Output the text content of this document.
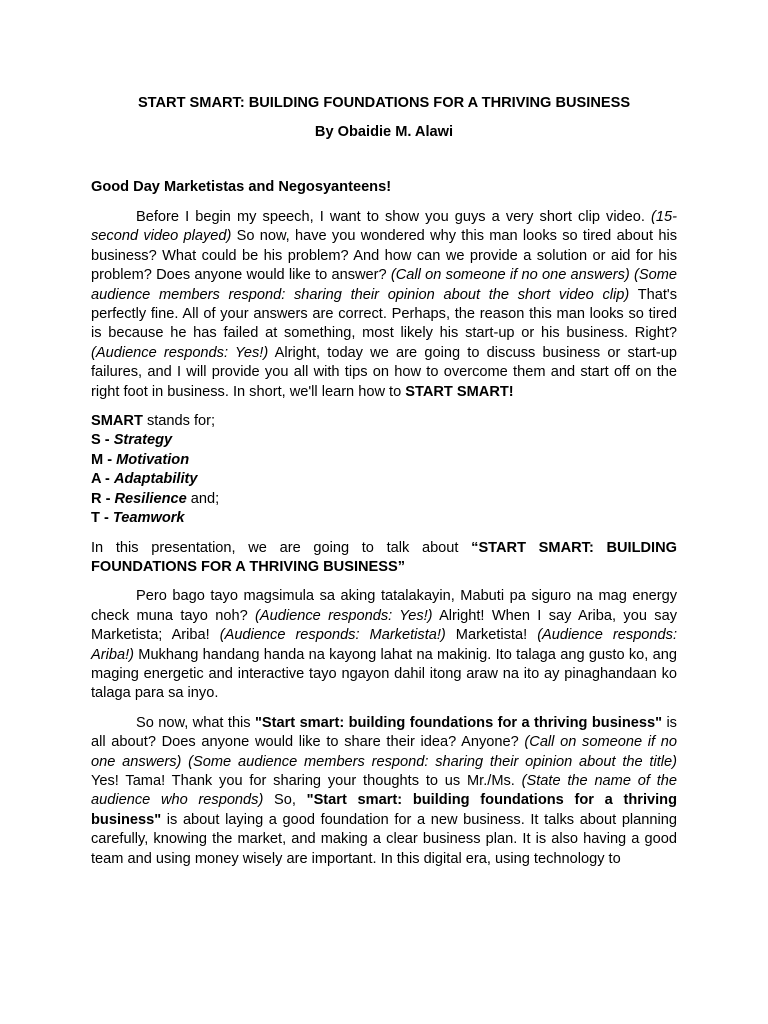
START SMART: BUILDING FOUNDATIONS FOR A THRIVING BUSINESS
By Obaidie M. Alawi
Good Day Marketistas and Negosyanteens!

Before I begin my speech, I want to show you guys a very short clip video. (15-second video played) So now, have you wondered why this man looks so tired about his business? What could be his problem? And how can we provide a solution or aid for his problem? Does anyone would like to answer? (Call on someone if no one answers) (Some audience members respond: sharing their opinion about the short video clip) That's perfectly fine. All of your answers are correct. Perhaps, the reason this man looks so tired is because he has failed at something, most likely his start-up or his business. Right? (Audience responds: Yes!) Alright, today we are going to discuss business or start-up failures, and I will provide you all with tips on how to overcome them and start off on the right foot in business. In short, we'll learn how to START SMART!

SMART stands for;

S - Strategy
M - Motivation
A - Adaptability
R - Resilience and;
T - Teamwork

In this presentation, we are going to talk about “START SMART: BUILDING FOUNDATIONS FOR A THRIVING BUSINESS”

Pero bago tayo magsimula sa aking tatalakayin, Mabuti pa siguro na mag energy check muna tayo noh? (Audience responds: Yes!) Alright! When I say Ariba, you say Marketista; Ariba! (Audience responds: Marketista!) Marketista! (Audience responds: Ariba!) Mukhang handang handa na kayong lahat na makinig. Ito talaga ang gusto ko, ang maging energetic and interactive tayo ngayon dahil itong araw na ito ay pinaghandaan ko talaga para sa inyo.

So now, what this "Start smart: building foundations for a thriving business" is all about? Does anyone would like to share their idea? Anyone? (Call on someone if no one answers) (Some audience members respond: sharing their opinion about the title) Yes! Tama! Thank you for sharing your thoughts to us Mr./Ms. (State the name of the audience who responds) So, "Start smart: building foundations for a thriving business" is about laying a good foundation for a new business. It talks about planning carefully, knowing the market, and making a clear business plan. It is also having a good team and using money wisely are important. In this digital era, using technology to
